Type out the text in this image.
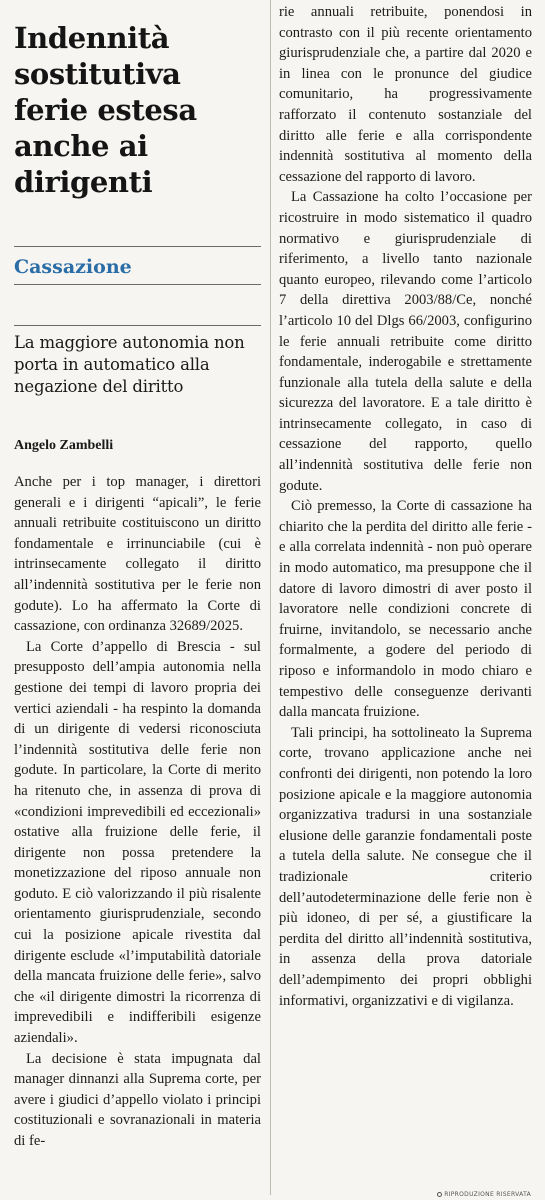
Indennità sostitutiva ferie estesa anche ai dirigenti
Cassazione
La maggiore autonomia non porta in automatico alla negazione del diritto
Angelo Zambelli

Anche per i top manager, i direttori generali e i dirigenti “apicali”, le ferie annuali retribuite costituiscono un diritto fondamentale e irrinunciabile (cui è intrinsecamente collegato il diritto all’indennità sostitutiva per le ferie non godute). Lo ha affermato la Corte di cassazione, con ordinanza 32689/2025.

La Corte d’appello di Brescia - sul presupposto dell’ampia autonomia nella gestione dei tempi di lavoro propria dei vertici aziendali - ha respinto la domanda di un dirigente di vedersi riconosciuta l’indennità sostitutiva delle ferie non godute. In particolare, la Corte di merito ha ritenuto che, in assenza di prova di «condizioni imprevedibili ed eccezionali» ostative alla fruizione delle ferie, il dirigente non possa pretendere la monetizzazione del riposo annuale non goduto. E ciò valorizzando il più risalente orientamento giurisprudenziale, secondo cui la posizione apicale rivestita dal dirigente esclude «l’imputabilità datoriale della mancata fruizione delle ferie», salvo che «il dirigente dimostri la ricorrenza di imprevedibili e indifferibili esigenze aziendali».

La decisione è stata impugnata dal manager dinnanzi alla Suprema corte, per avere i giudici d’appello violato i principi costituzionali e sovranazionali in materia di fe-

rie annuali retribuite, ponendosi in contrasto con il più recente orientamento giurisprudenziale che, a partire dal 2020 e in linea con le pronunce del giudice comunitario, ha progressivamente rafforzato il contenuto sostanziale del diritto alle ferie e alla corrispondente indennità sostitutiva al momento della cessazione del rapporto di lavoro.

La Cassazione ha colto l’occasione per ricostruire in modo sistematico il quadro normativo e giurisprudenziale di riferimento, a livello tanto nazionale quanto europeo, rilevando come l’articolo 7 della direttiva 2003/88/Ce, nonché l’articolo 10 del Dlgs 66/2003, configurino le ferie annuali retribuite come diritto fondamentale, inderogabile e strettamente funzionale alla tutela della salute e della sicurezza del lavoratore. E a tale diritto è intrinsecamente collegato, in caso di cessazione del rapporto, quello all’indennità sostitutiva delle ferie non godute.

Ciò premesso, la Corte di cassazione ha chiarito che la perdita del diritto alle ferie - e alla correlata indennità - non può operare in modo automatico, ma presuppone che il datore di lavoro dimostri di aver posto il lavoratore nelle condizioni concrete di fruirne, invitandolo, se necessario anche formalmente, a godere del periodo di riposo e informandolo in modo chiaro e tempestivo delle conseguenze derivanti dalla mancata fruizione.

Tali principi, ha sottolineato la Suprema corte, trovano applicazione anche nei confronti dei dirigenti, non potendo la loro posizione apicale e la maggiore autonomia organizzativa tradursi in una sostanziale elusione delle garanzie fondamentali poste a tutela della salute. Ne consegue che il tradizionale criterio dell’autodeterminazione delle ferie non è più idoneo, di per sé, a giustificare la perdita del diritto all’indennità sostitutiva, in assenza della prova datoriale dell’adempimento dei propri obblighi informativi, organizzativi e di vigilanza.

RIPRODUZIONE RISERVATA
